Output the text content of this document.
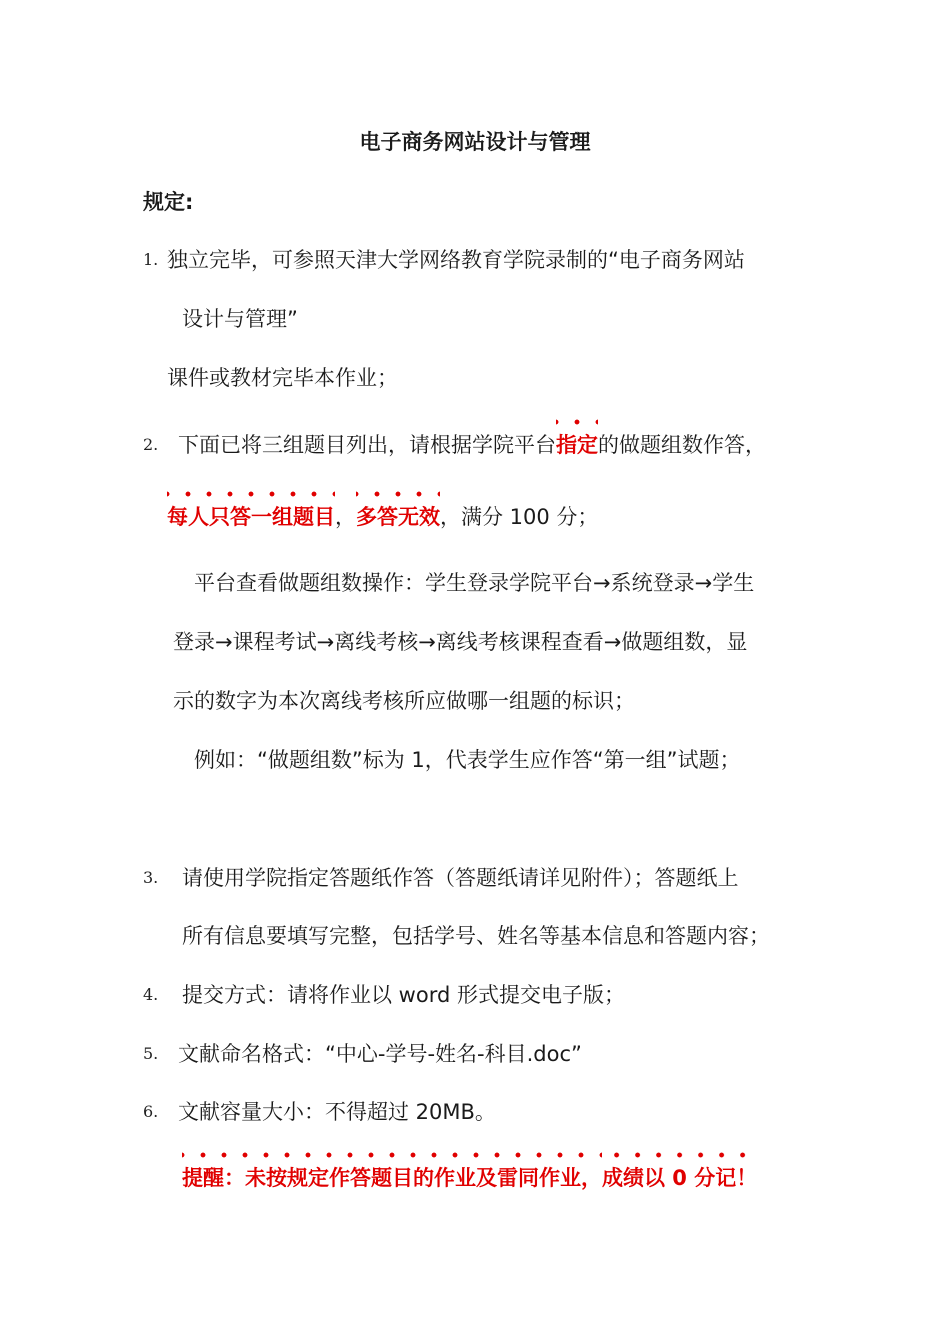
电子商务网站设计与管理
规定:
1. 独立完毕，可参照天津大学网络教育学院录制的“电子商务网站
设计与管理”
课件或教材完毕本作业；
2. 下面已将三组题目列出，请根据学院平台指定的做题组数作答，
每人只答一组题目，多答无效，满分 100 分；
平台查看做题组数操作：学生登录学院平台→系统登录→学生
登录→课程考试→离线考核→离线考核课程查看→做题组数，显
示的数字为本次离线考核所应做哪一组题的标识；
例如：“做题组数”标为 1，代表学生应作答“第一组”试题；
3. 请使用学院指定答题纸作答（答题纸请详见附件）；答题纸上
所有信息要填写完整，包括学号、姓名等基本信息和答题内容；
4. 提交方式：请将作业以 word 形式提交电子版；
5. 文献命名格式：“中心-学号-姓名-科目.doc”
6. 文献容量大小：不得超过 20MB。
提醒：未按规定作答题目的作业及雷同作业，成绩以 0 分记！
